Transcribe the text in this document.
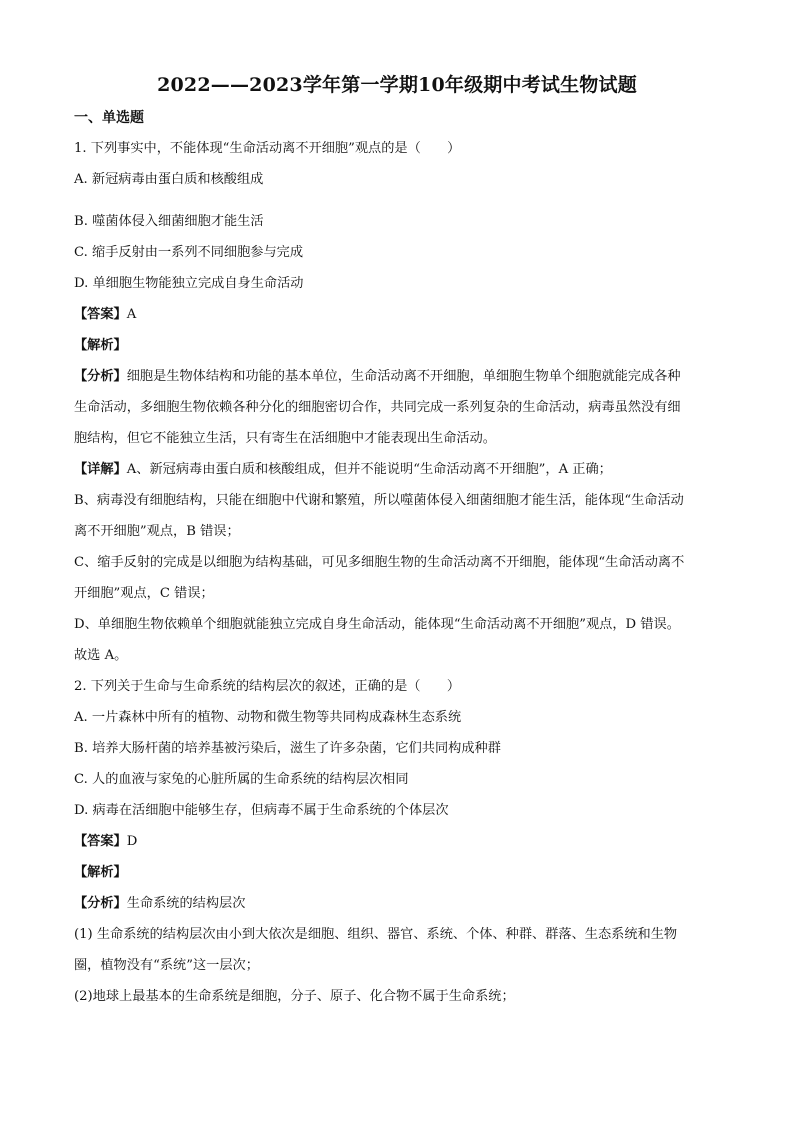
2022——2023学年第一学期10年级期中考试生物试题
一、单选题
1. 下列事实中，不能体现“生命活动离不开细胞”观点的是（　　）
A. 新冠病毒由蛋白质和核酸组成
B. 噬菌体侵入细菌细胞才能生活
C. 缩手反射由一系列不同细胞参与完成
D. 单细胞生物能独立完成自身生命活动
【答案】A
【解析】
【分析】细胞是生物体结构和功能的基本单位，生命活动离不开细胞，单细胞生物单个细胞就能完成各种
生命活动，多细胞生物依赖各种分化的细胞密切合作，共同完成一系列复杂的生命活动，病毒虽然没有细
胞结构，但它不能独立生活，只有寄生在活细胞中才能表现出生命活动。
【详解】A、新冠病毒由蛋白质和核酸组成，但并不能说明“生命活动离不开细胞”，A 正确；
B、病毒没有细胞结构，只能在细胞中代谢和繁殖，所以噬菌体侵入细菌细胞才能生活，能体现“生命活动
离不开细胞”观点，B 错误；
C、缩手反射的完成是以细胞为结构基础，可见多细胞生物的生命活动离不开细胞，能体现“生命活动离不
开细胞”观点，C 错误；
D、单细胞生物依赖单个细胞就能独立完成自身生命活动，能体现“生命活动离不开细胞”观点，D 错误。
故选 A。
2. 下列关于生命与生命系统的结构层次的叙述，正确的是（　　）
A. 一片森林中所有的植物、动物和微生物等共同构成森林生态系统
B. 培养大肠杆菌的培养基被污染后，滋生了许多杂菌，它们共同构成种群
C. 人的血液与家兔的心脏所属的生命系统的结构层次相同
D. 病毒在活细胞中能够生存，但病毒不属于生命系统的个体层次
【答案】D
【解析】
【分析】生命系统的结构层次
(1) 生命系统的结构层次由小到大依次是细胞、组织、器官、系统、个体、种群、群落、生态系统和生物
圈，植物没有“系统”这一层次；
(2)地球上最基本的生命系统是细胞，分子、原子、化合物不属于生命系统；
